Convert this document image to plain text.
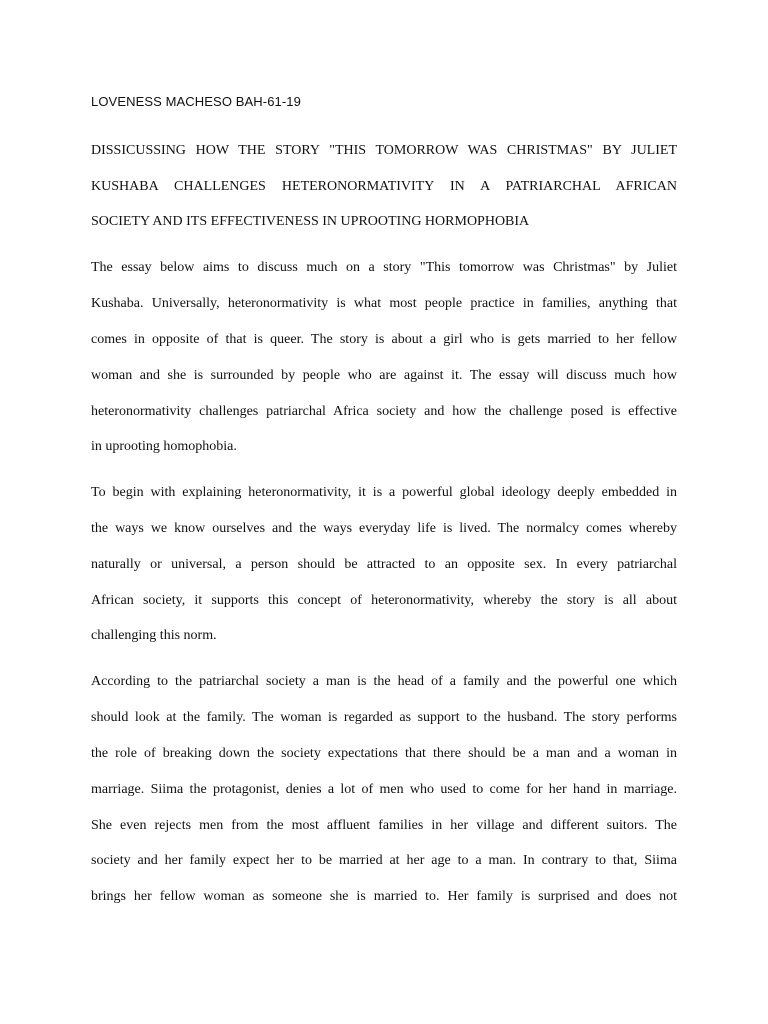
LOVENESS MACHESO BAH-61-19
DISSICUSSING HOW THE STORY "THIS TOMORROW WAS CHRISTMAS" BY JULIET
KUSHABA CHALLENGES HETERONORMATIVITY IN A PATRIARCHAL AFRICAN
SOCIETY AND ITS EFFECTIVENESS IN UPROOTING HORMOPHOBIA
The essay below aims to discuss much on a story "This tomorrow was Christmas" by Juliet
Kushaba. Universally, heteronormativity is what most people practice in families, anything that
comes in opposite of that is queer. The story is about a girl who is gets married to her fellow
woman and she is surrounded by people who are against it. The essay will discuss much how
heteronormativity challenges patriarchal Africa society and how the challenge posed is effective
in uprooting homophobia.
To begin with explaining heteronormativity, it is a powerful global ideology deeply embedded in
the ways we know ourselves and the ways everyday life is lived. The normalcy comes whereby
naturally or universal, a person should be attracted to an opposite sex. In every patriarchal
African society, it supports this concept of heteronormativity, whereby the story is all about
challenging this norm.
According to the patriarchal society a man is the head of a family and the powerful one which
should look at the family. The woman is regarded as support to the husband. The story performs
the role of breaking down the society expectations that there should be a man and a woman in
marriage. Siima the protagonist, denies a lot of men who used to come for her hand in marriage.
She even rejects men from the most affluent families in her village and different suitors. The
society and her family expect her to be married at her age to a man. In contrary to that, Siima
brings her fellow woman as someone she is married to. Her family is surprised and does not
